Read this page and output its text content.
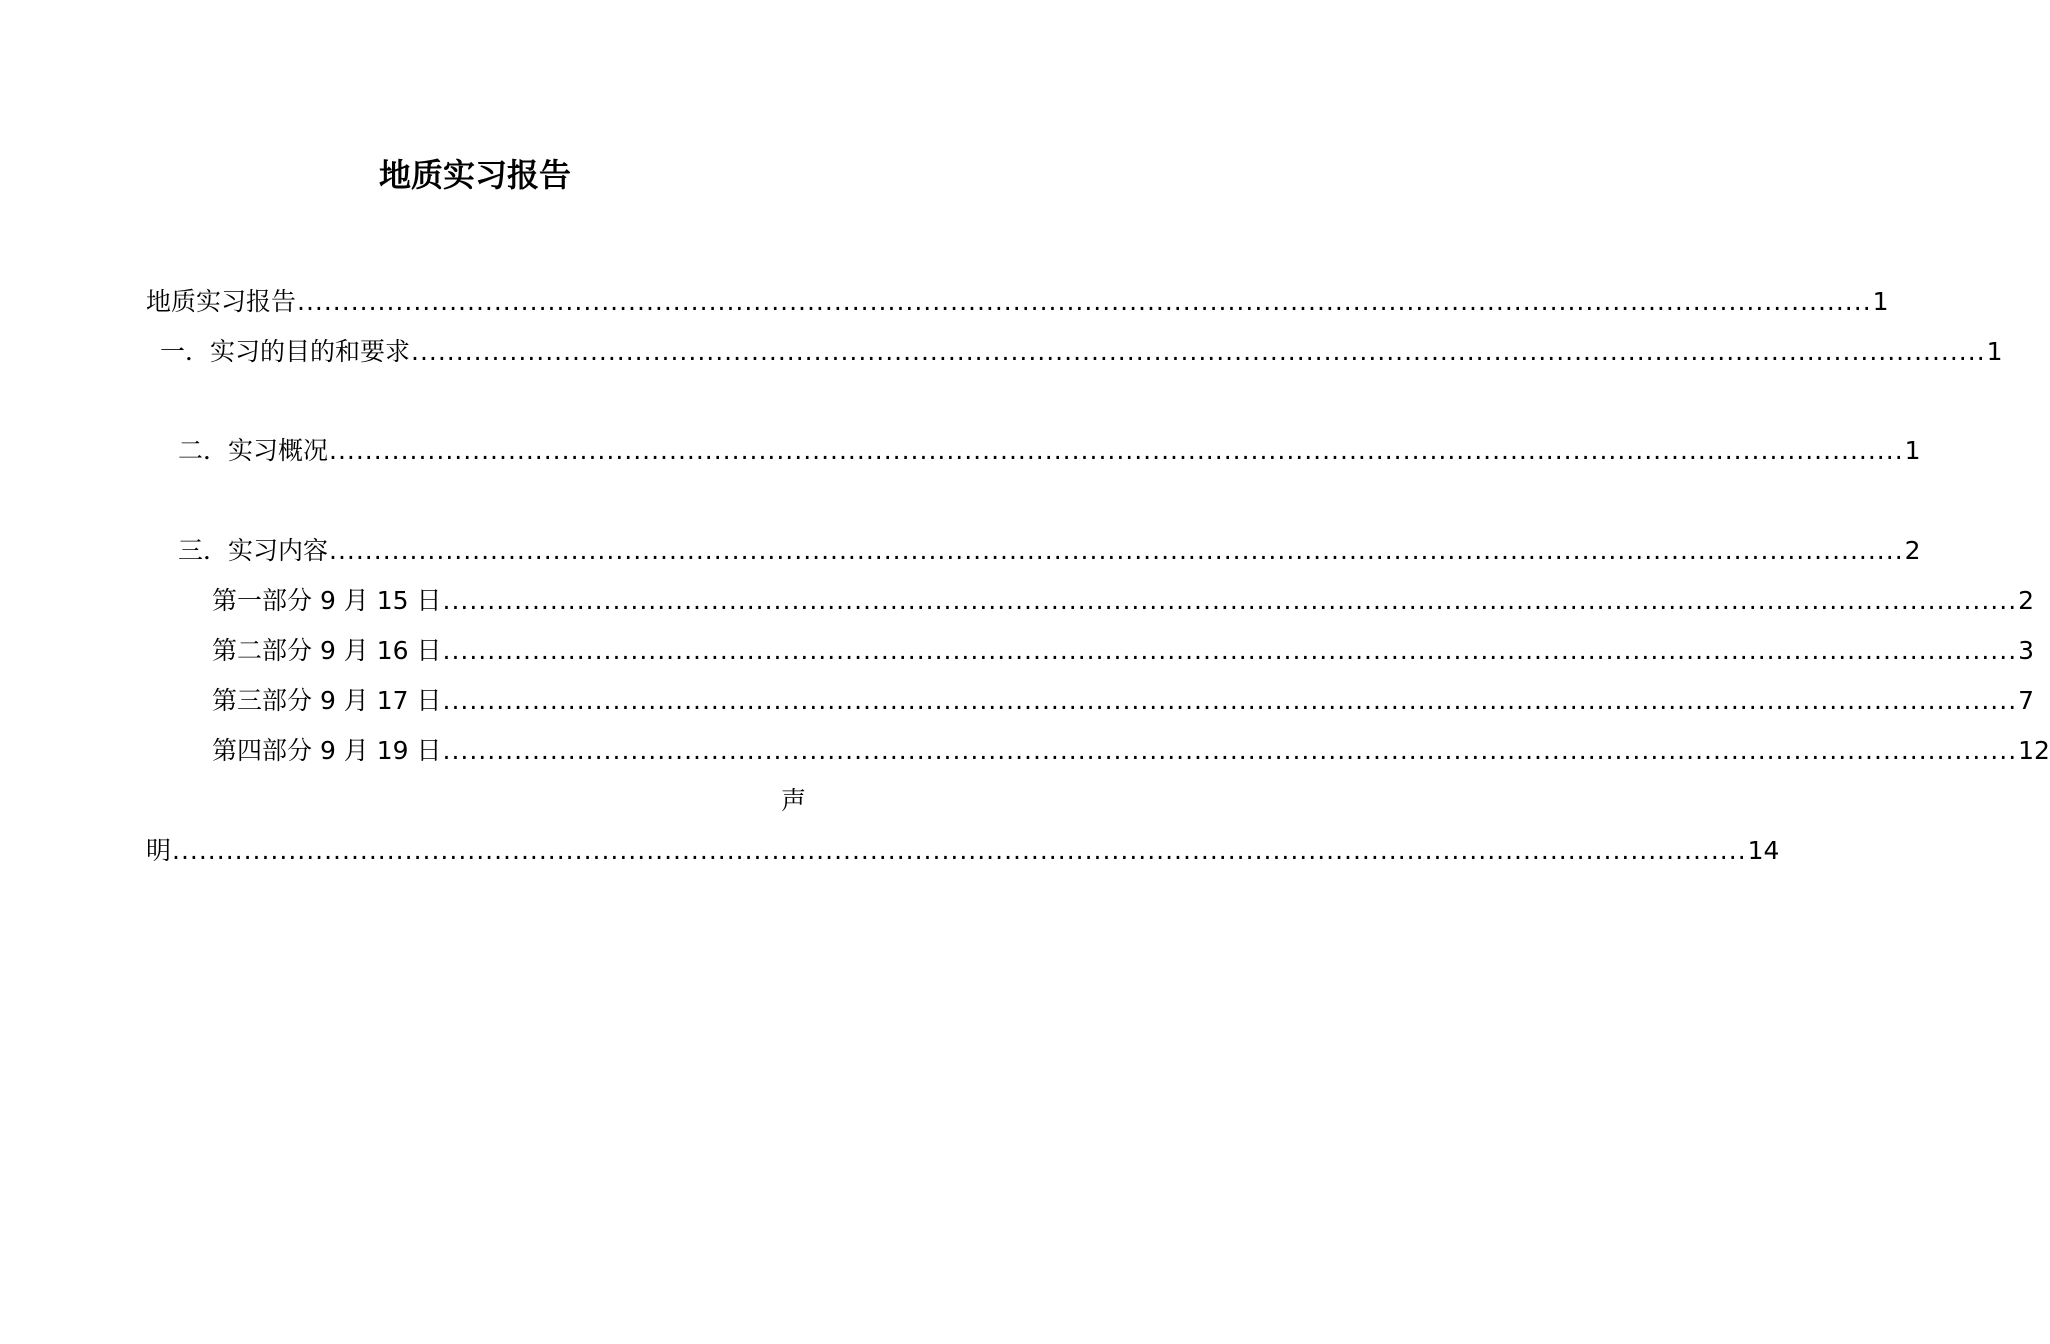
地质实习报告
地质实习报告 ................................................................................................................................................................................ 1
一．实习的目的和要求 ................................................................................................................................................................................ 1
二．实习概况 ................................................................................................................................................................................ 1
三．实习内容 ................................................................................................................................................................................ 2
第一部分 9 月 15 日 ................................................................................................................................................................................ 2
第二部分 9 月 16 日 ................................................................................................................................................................................ 3
第三部分 9 月 17 日 ................................................................................................................................................................................ 7
第四部分 9 月 19 日 ................................................................................................................................................................................ 12
声
明 ................................................................................................................................................................................ 14
